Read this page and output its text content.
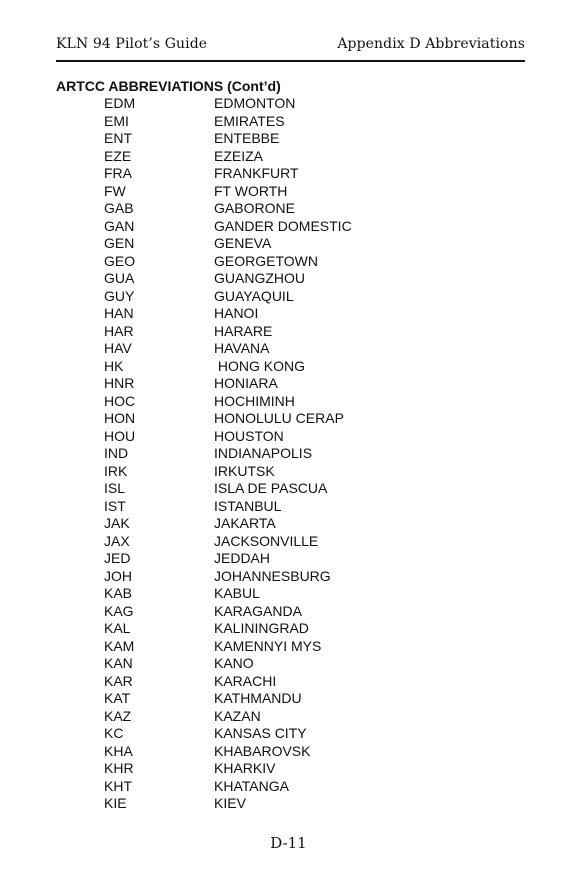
KLN 94 Pilot’s Guide	Appendix D Abbreviations
ARTCC ABBREVIATIONS (Cont’d)
EDM	EDMONTON
EMI	EMIRATES
ENT	ENTEBBE
EZE	EZEIZA
FRA	FRANKFURT
FW	FT WORTH
GAB	GABORONE
GAN	GANDER DOMESTIC
GEN	GENEVA
GEO	GEORGETOWN
GUA	GUANGZHOU
GUY	GUAYAQUIL
HAN	HANOI
HAR	HARARE
HAV	HAVANA
HK	HONG KONG
HNR	HONIARA
HOC	HOCHIMINH
HON	HONOLULU CERAP
HOU	HOUSTON
IND	INDIANAPOLIS
IRK	IRKUTSK
ISL	ISLA DE PASCUA
IST	ISTANBUL
JAK	JAKARTA
JAX	JACKSONVILLE
JED	JEDDAH
JOH	JOHANNESBURG
KAB	KABUL
KAG	KARAGANDA
KAL	KALININGRAD
KAM	KAMENNYI MYS
KAN	KANO
KAR	KARACHI
KAT	KATHMANDU
KAZ	KAZAN
KC	KANSAS CITY
KHA	KHABAROVSK
KHR	KHARKIV
KHT	KHATANGA
KIE	KIEV
D-11
